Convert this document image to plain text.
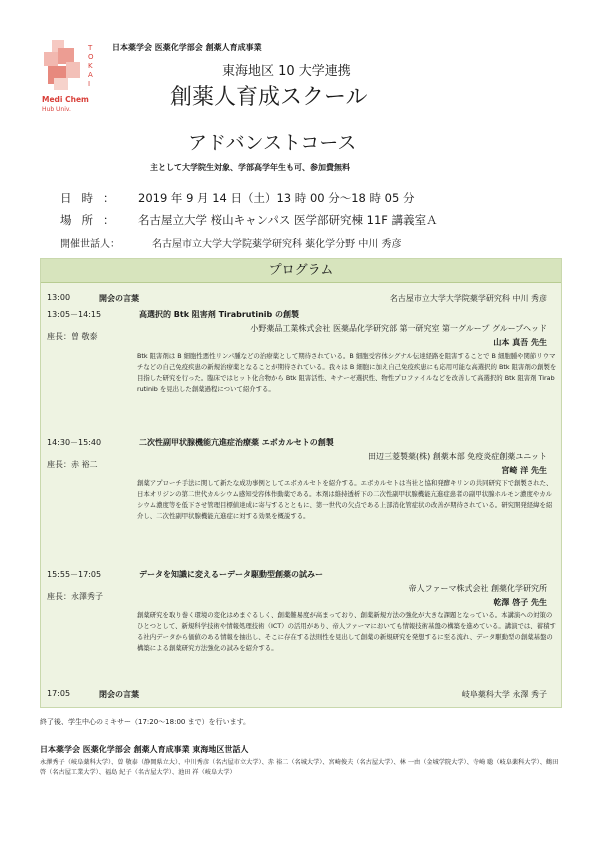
T
O
K
A
I
Medi Chem
Hub Univ.
日本薬学会 医薬化学部会 創薬人育成事業
東海地区 10 大学連携
創薬人育成スクール
アドバンストコース
主として大学院生対象、学部高学年生も可、参加費無料
日時： 2019 年 9 月 14 日（土）13 時 00 分～18 時 05 分
場所： 名古屋立大学 桜山キャンパス 医学部研究棟 11F 講義室Ａ
開催世話人：	名古屋市立大学大学院薬学研究科 薬化学分野 中川 秀彦
プログラム
13:00	開会の言葉	名古屋市立大学大学院薬学研究科 中川 秀彦
13:05－14:15	高選択的 Btk 阻害剤 Tirabrutinib の創製
小野薬品工業株式会社 医薬品化学研究部 第一研究室 第一グループ グループヘッド
座長：曽 敬泰
山本 真吾 先生
Btk 阻害剤は B 細胞性悪性リンパ腫などの治療薬として期待されている。B 細胞受容体シグナル伝達経路を阻害することで B 細胞腫や関節リウマチなどの自己免疫疾患の新規治療薬となることが期待されている。我々は B 細胞に加え自己免疫疾患にも応用可能な高選択的 Btk 阻害剤の創製を目指した研究を行った。臨床ではヒット化合物から Btk 阻害活性、キナーゼ選択性、物性プロファイルなどを改善して高選択的 Btk 阻害剤 Tirabrutinib を見出した創薬過程について紹介する。
14:30－15:40	二次性副甲状腺機能亢進症治療薬 エボカルセトの創製
田辺三菱製薬(株) 創薬本部 免疫炎症創薬ユニット
座長：赤 裕二
宮崎 洋 先生
創薬アプローチ手法に関して新たな成功事例としてエボカルセトを紹介する。エボカルセトは当社と協和発酵キリンの共同研究下で創製された、日本オリジンの第二世代カルシウム感知受容体作動薬である。本剤は維持透析下の二次性副甲状腺機能亢進症患者の副甲状腺ホルモン濃度やカルシウム濃度等を低下させ管理目標値達成に寄与するとともに、第一世代の欠点である上部消化管症状の改善が期待されている。研究開発経緯を紹介し、二次性副甲状腺機能亢進症に対する効果を概説する。
15:55－17:05	データを知識に変えるーデータ駆動型創薬の試みー
帝人ファーマ株式会社 創薬化学研究所
座長：永澤秀子
乾澤 啓子 先生
創薬研究を取り巻く環境の変化はめまぐるしく、創薬難易度が高まっており、創薬新規方法の強化が大きな課題となっている。本講演への対策のひとつとして、新規科学技術や情報処理技術（ICT）の活用があり、帝人ファーマにおいても情報技術基盤の構築を進めている。講演では、蓄積する社内データから価値のある情報を抽出し、そこに存在する法則性を見出して創薬の新規研究を発想するに至る流れ、データ駆動型の創薬基盤の構築による創薬研究方法強化の試みを紹介する。
17:05	閉会の言葉	岐阜薬科大学 永澤 秀子
終了後、学生中心のミキサー（17:20～18:00 まで）を行います。
日本薬学会 医薬化学部会 創薬人育成事業 東海地区世話人
永澤秀子（岐阜薬科大学）、曽 敬泰（静岡県立大）、中川秀彦（名古屋市立大学）、赤 裕二（名城大学）、宮崎俊夫（名古屋大学）、林 一由（金城学院大学）、寺崎 聡（岐阜薬科大学）、鶴田 啓（名古屋工業大学）、福島 紀子（名古屋大学）、池田 祥（岐阜大学）
